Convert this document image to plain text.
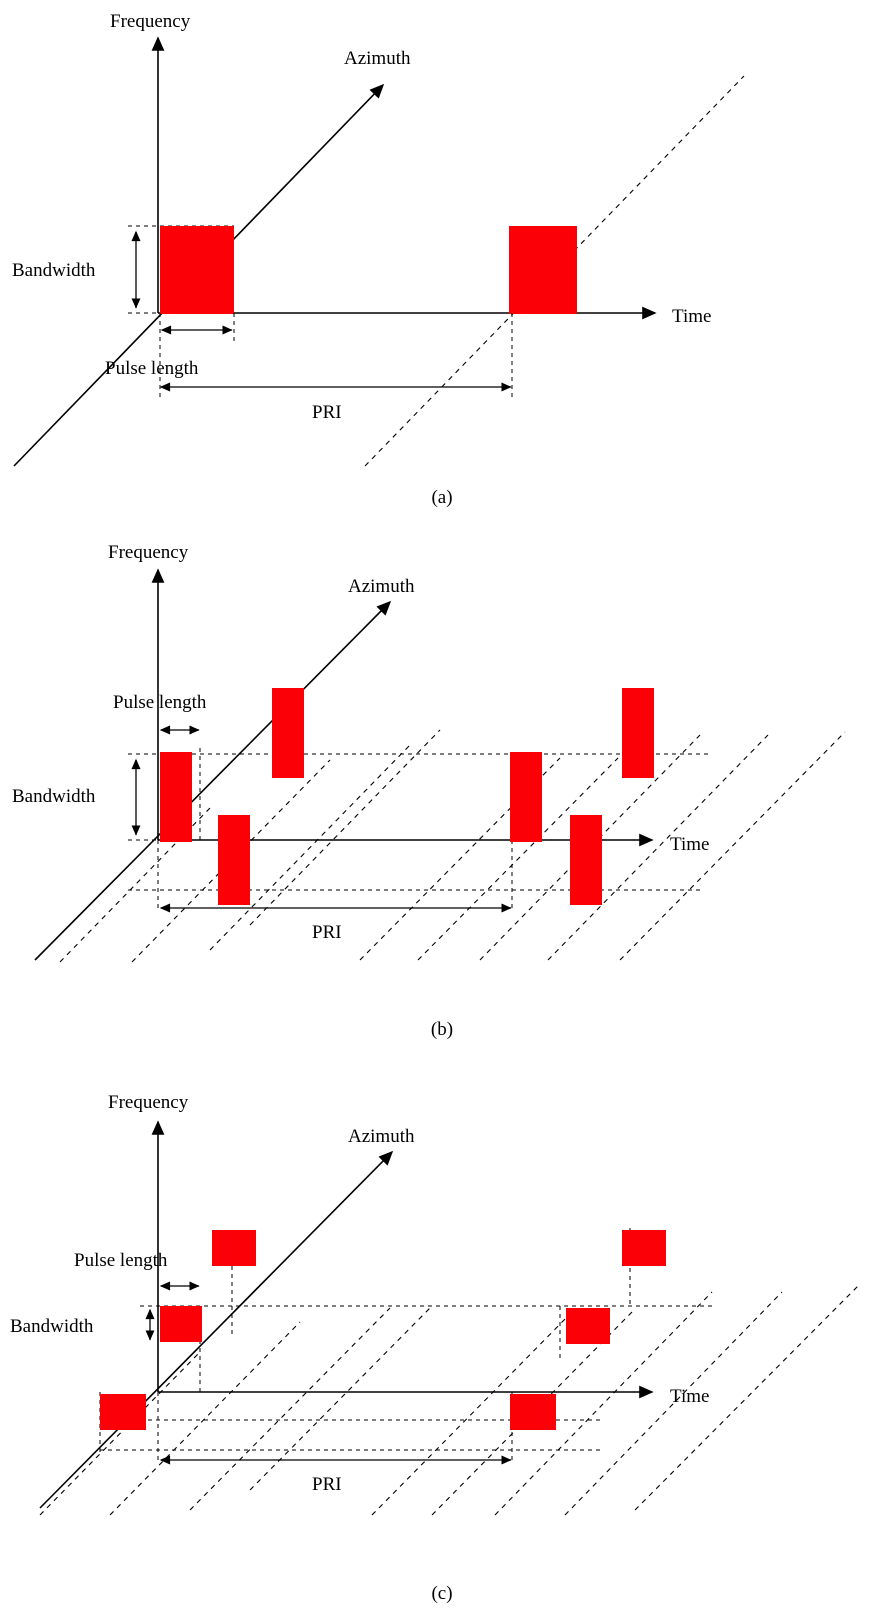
Bandwidth
Pulse length
PRI
Frequency
Azimuth
Time
(a)
Pulse length
Bandwidth
PRI
Frequency
Azimuth
Time
(b)
Pulse length
Bandwidth
PRI
Frequency
Azimuth
Time
(c)
